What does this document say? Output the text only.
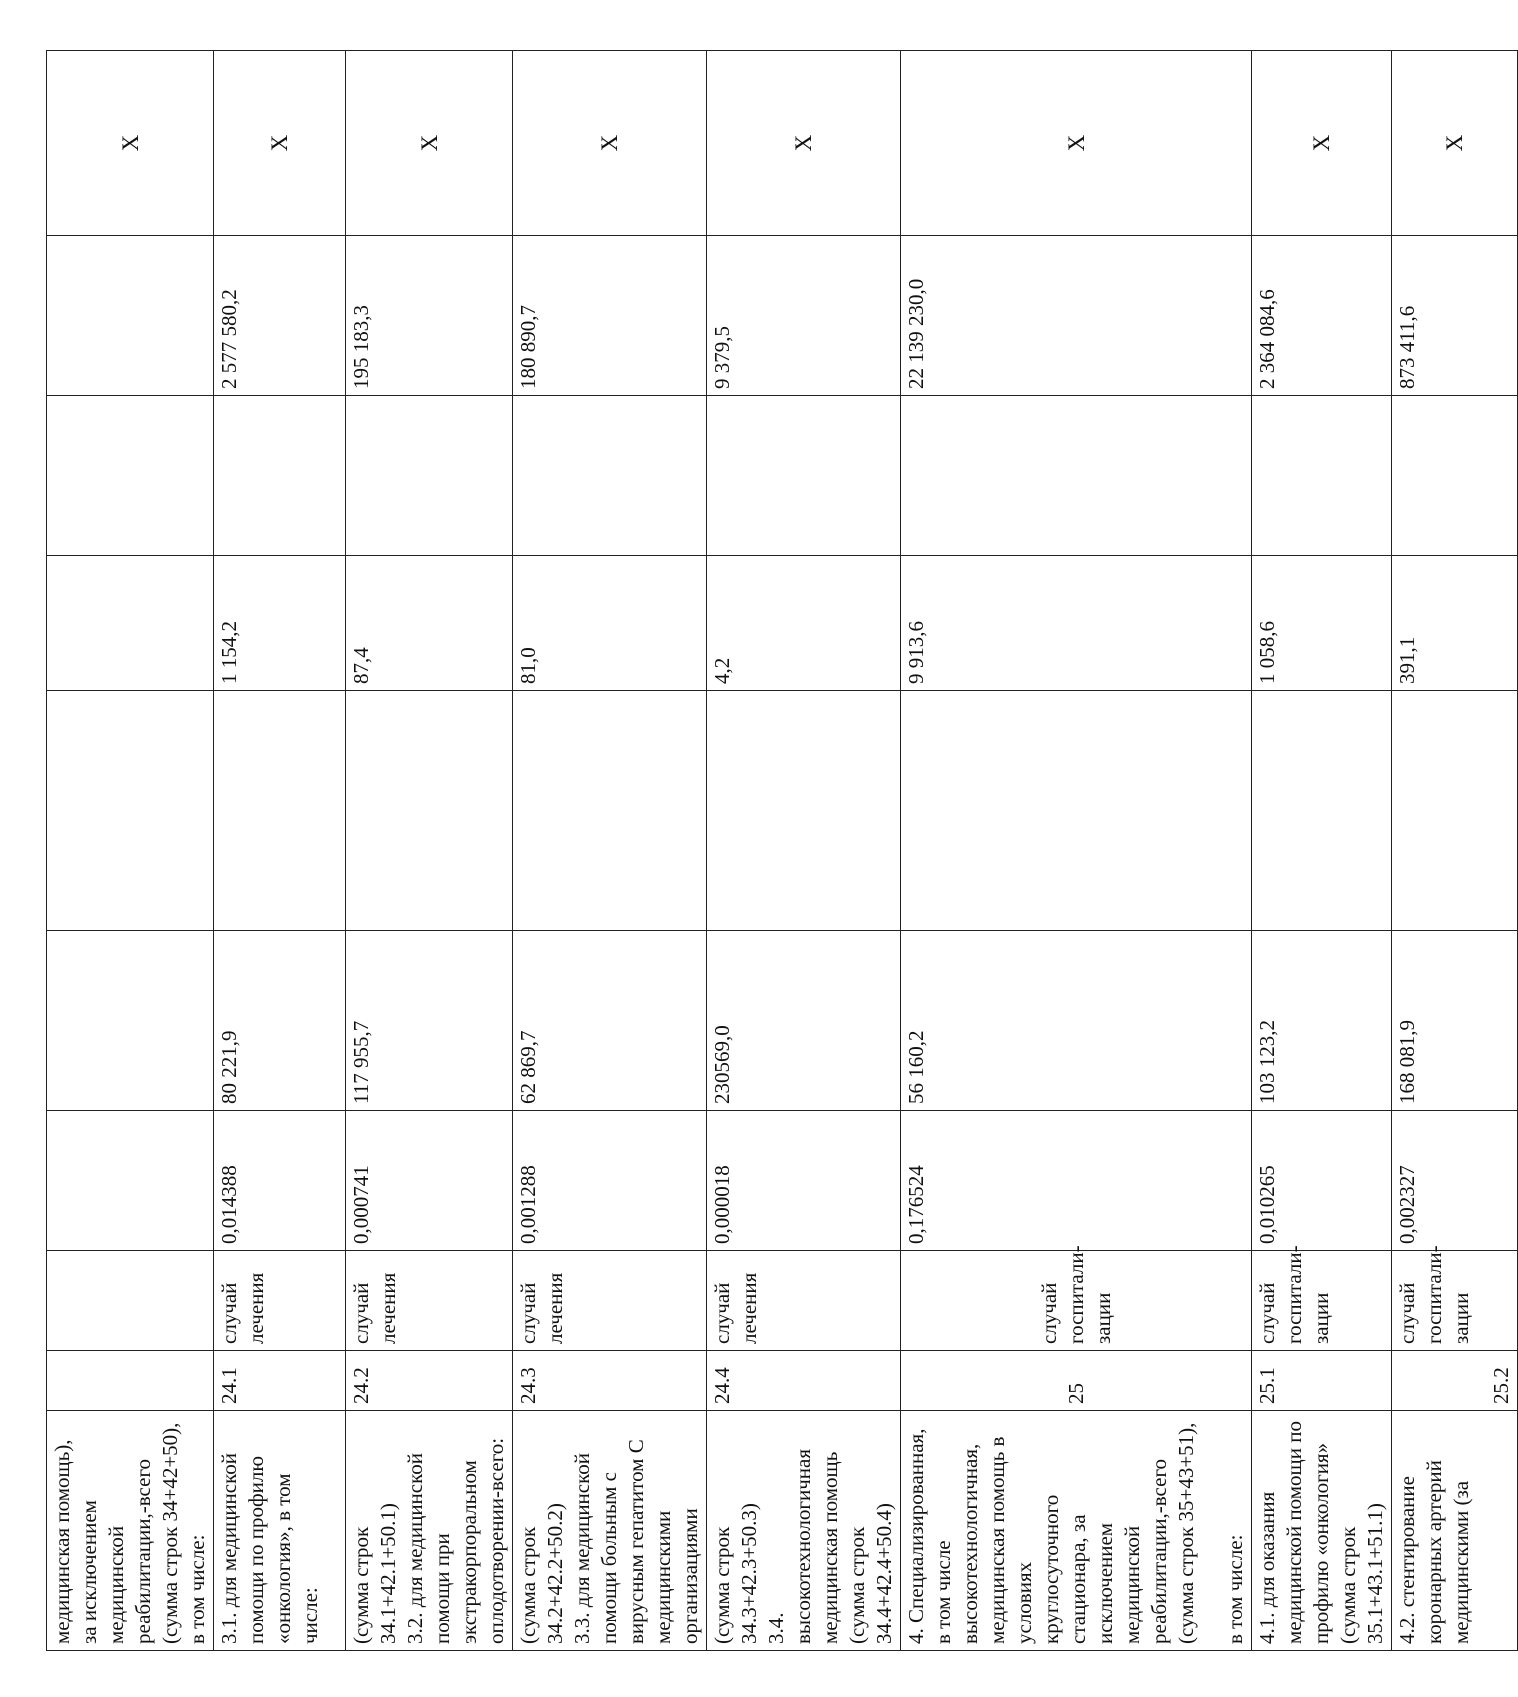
медицинская помощь), за исключением медицинской реабилитации,-всего (сумма строк 34+42+50), в том числе:									X
3.1. для медицинской помощи по профилю «онкология», в том числе:	24.1	случай лечения	0,014388	80 221,9		1 154,2		2 577 580,2	X

(сумма строк 34.1+42.1+50.1) 3.2. для медицинской помощи при экстракорпоральном оплодотворении-всего:	24.2	случай лечения	0,000741	117 955,7		87,4		195 183,3	X

(сумма строк 34.2+42.2+50.2) 3.3. для медицинской помощи больным с вирусным гепатитом С медицинскими организациями	24.3	случай лечения	0,001288	62 869,7		81,0		180 890,7	X

(сумма строк 34.3+42.3+50.3) 3.4. высокотехнологичная медицинская помощь (сумма строк 34.4+42.4+50.4)	24.4	случай лечения	0,000018	230569,0		4,2		9 379,5	X
4. Специализированная, в том числе высокотехнологичная, медицинская помощь в условиях круглосуточного стационара, за исключением медицинской реабилитации,-всего (сумма строк 35+43+51), в том числе:	25	случай госпитали- зации	0,176524	56 160,2		9 913,6		22 139 230,0	X
4.1. для оказания медицинской помощи по профилю «онкология» (сумма строк 35.1+43.1+51.1)	25.1	случай госпитали- зации	0,010265	103 123,2		1 058,6		2 364 084,6	X
4.2. стентирование коронарных артерий медицинскими (за	25.2	случай госпитали- зации	0,002327	168 081,9		391,1		873 411,6	X
